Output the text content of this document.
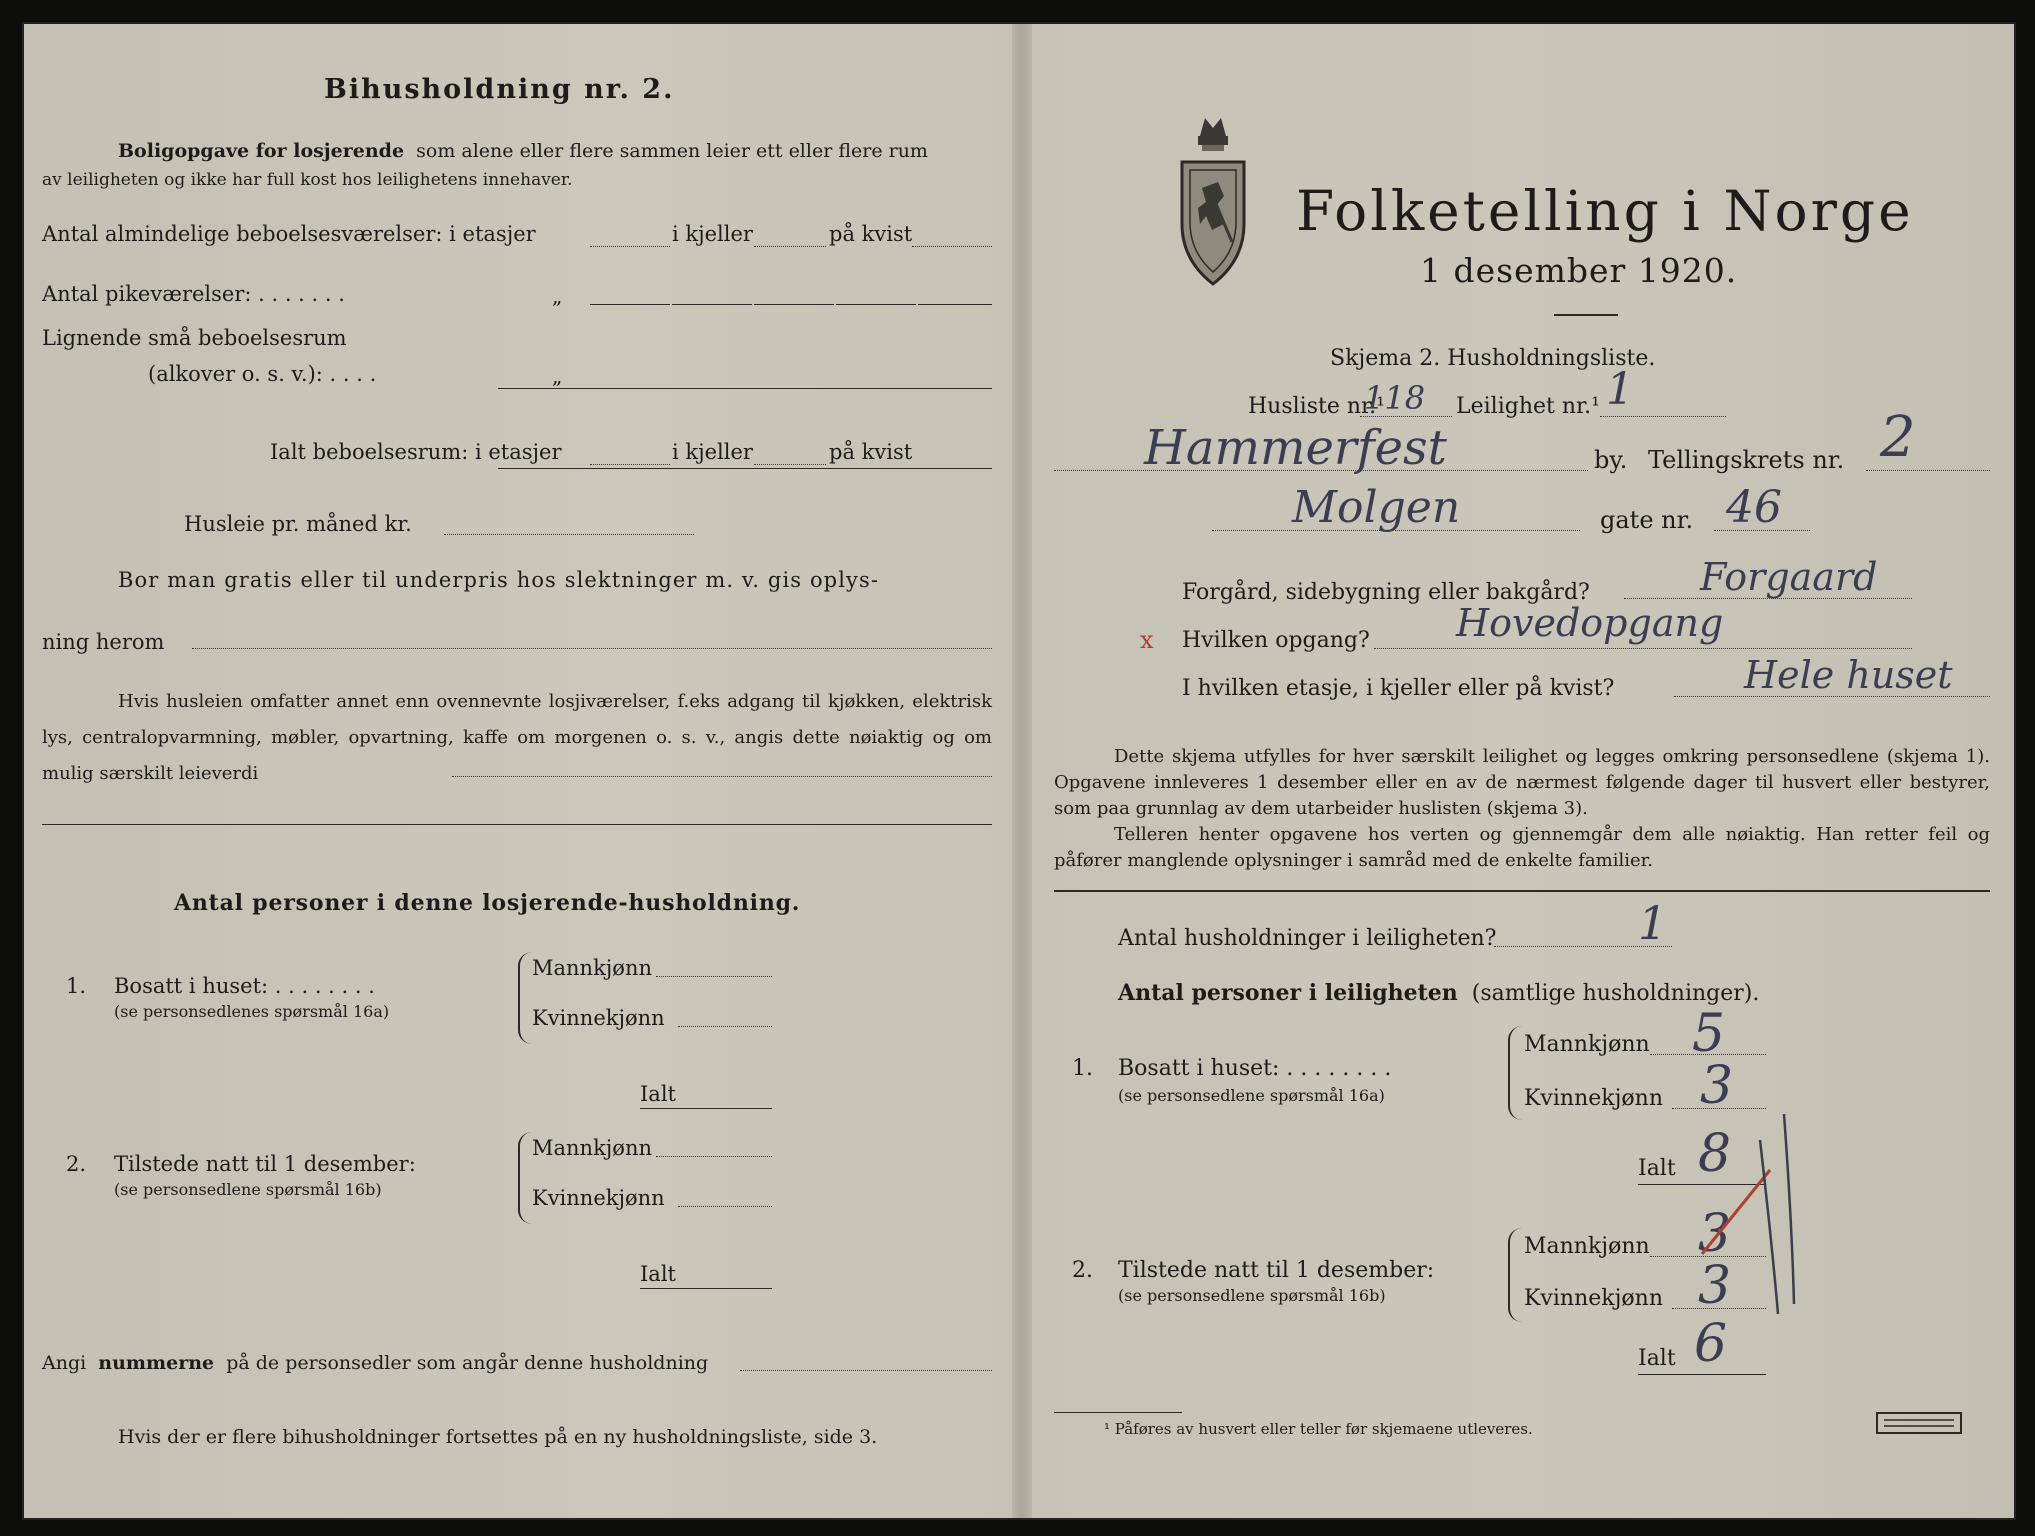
Bihusholdning nr. 2.
Boligopgave for losjerende som alene eller flere sammen leier ett eller flere rum
av leiligheten og ikke har full kost hos leilighetens innehaver.
Antal almindelige beboelsesværelser: i etasjer	i kjeller	på kvist
Antal pikeværelser: . . . . . . .	„
Lignende små beboelsesrum
(alkover o. s. v.): . . . .	„
Ialt beboelsesrum: i etasjer	i kjeller	på kvist
Husleie pr. måned kr.
Bor man gratis eller til underpris hos slektninger m. v. gis oplys-
ning herom
Hvis husleien omfatter annet enn ovennevnte losjiværelser, f.eks adgang til kjøkken, elektrisk lys, centralopvarmning, møbler, opvartning, kaffe om morgenen o. s. v., angis dette nøiaktig og om mulig særskilt leieverdi
Antal personer i denne losjerende-husholdning.
1. Bosatt i huset: . . . . . . . .
(se personsedlenes spørsmål 16a)
Mannkjønn
Kvinnekjønn
Ialt
2. Tilstede natt til 1 desember:
(se personsedlene spørsmål 16b)
Mannkjønn
Kvinnekjønn
Ialt
Angi nummerne på de personsedler som angår denne husholdning
Hvis der er flere bihusholdninger fortsettes på en ny husholdningsliste, side 3.
Folketelling i Norge
1 desember 1920.
Skjema 2. Husholdningsliste.
Husliste nr.¹
118 Leilighet nr.¹ 1
Hammerfest	by. Tellingskrets nr. 2
Molgen	gate nr. 46
Forgård, sidebygning eller bakgård?	Forgaard
x Hvilken opgang? Hovedopgang
I hvilken etasje, i kjeller eller på kvist?	Hele huset
Dette skjema utfylles for hver særskilt leilighet og legges omkring personsedlene (skjema 1). Opgavene innleveres 1 desember eller en av de nærmest følgende dager til husvert eller bestyrer, som paa grunnlag av dem utarbeider huslisten (skjema 3).
Telleren henter opgavene hos verten og gjennemgår dem alle nøiaktig. Han retter feil og påfører manglende oplysninger i samråd med de enkelte familier.
Antal husholdninger i leiligheten?	1
Antal personer i leiligheten (samtlige husholdninger).
1. Bosatt i huset: . . . . . . . .
(se personsedlene spørsmål 16a)
Mannkjønn 5
Kvinnekjønn 3
Ialt 8
2. Tilstede natt til 1 desember:
(se personsedlene spørsmål 16b)
Mannkjønn 3
Kvinnekjønn 3
Ialt 6
¹ Påføres av husvert eller teller før skjemaene utleveres.
